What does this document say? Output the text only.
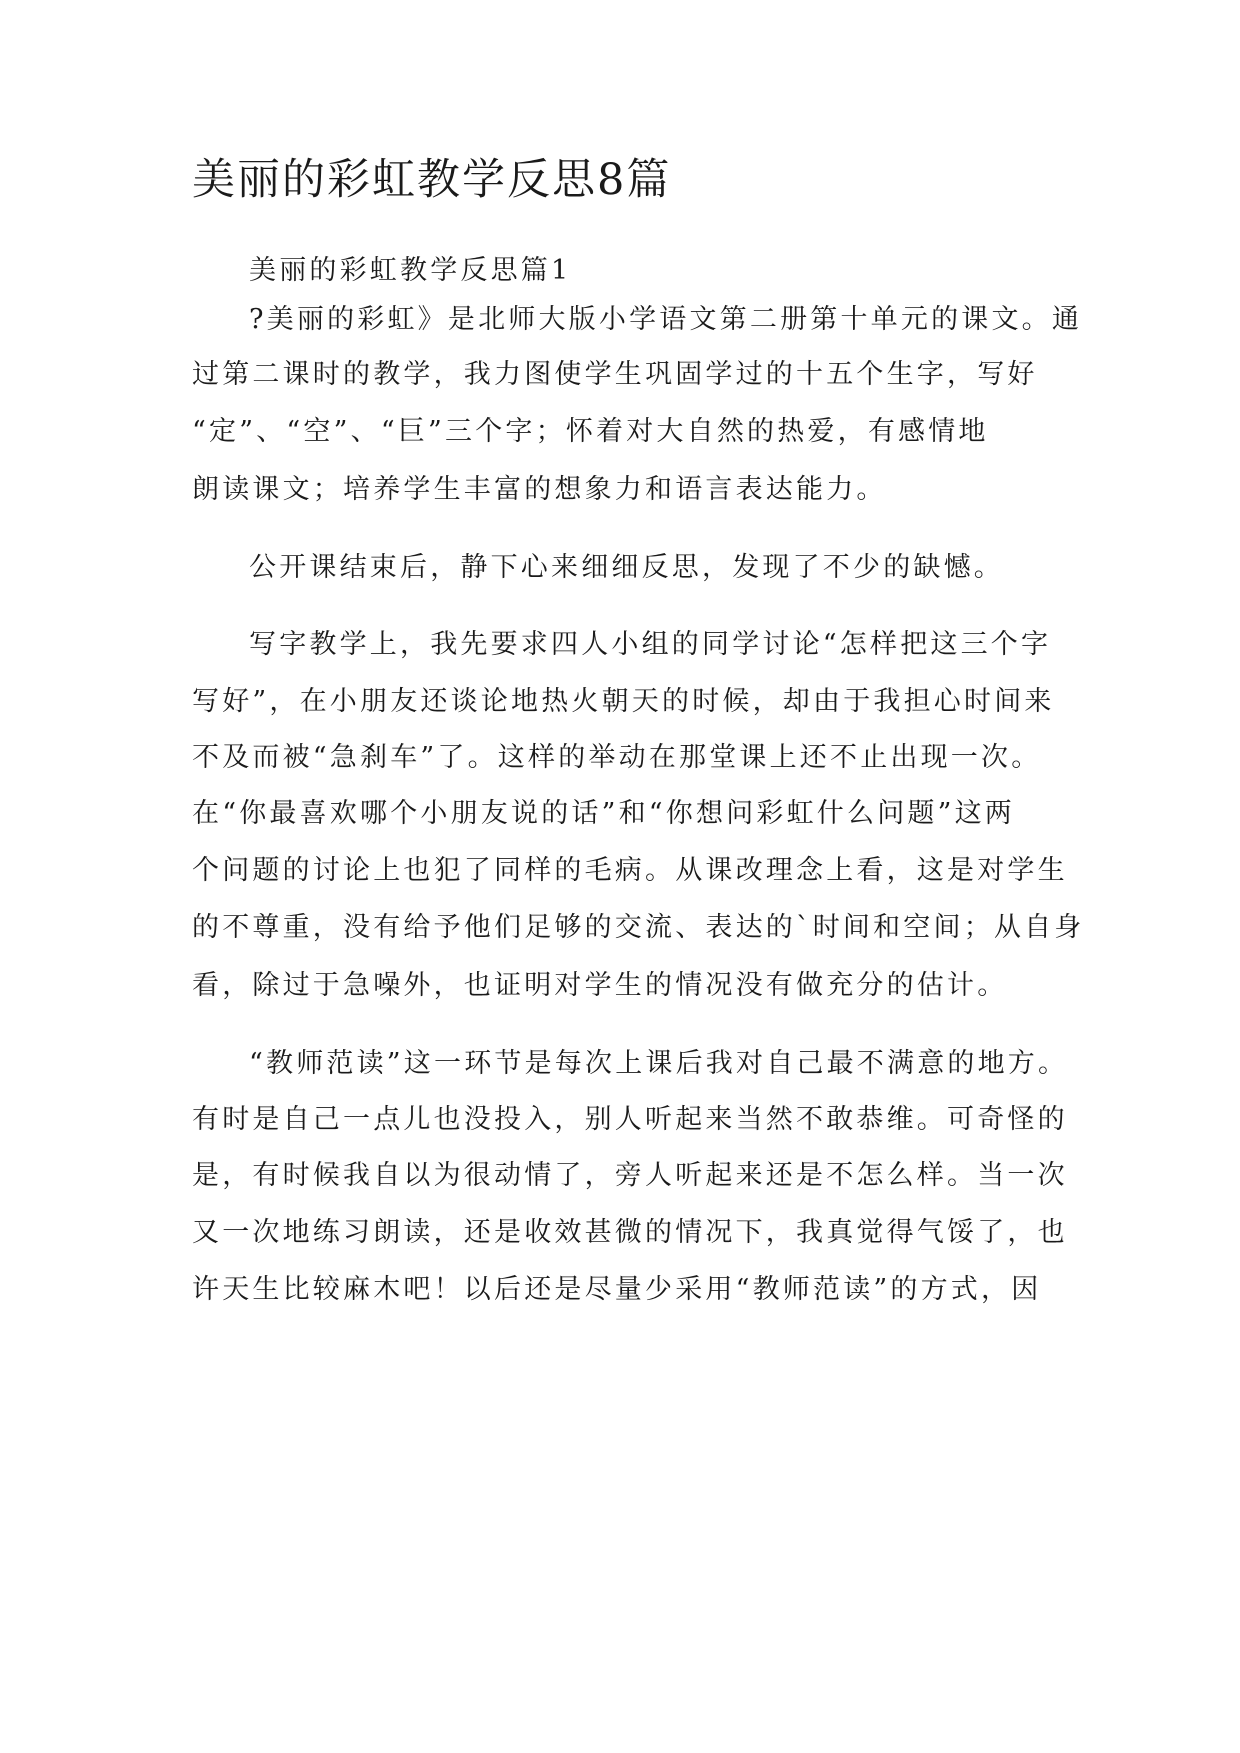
美丽的彩虹教学反思8篇

美丽的彩虹教学反思篇1

?美丽的彩虹》是北师大版小学语文第二册第十单元的课文。通

过第二课时的教学，我力图使学生巩固学过的十五个生字，写好

“定”、“空”、“巨”三个字；怀着对大自然的热爱，有感情地

朗读课文；培养学生丰富的想象力和语言表达能力。

公开课结束后，静下心来细细反思，发现了不少的缺憾。

写字教学上，我先要求四人小组的同学讨论“怎样把这三个字

写好”，在小朋友还谈论地热火朝天的时候，却由于我担心时间来

不及而被“急刹车”了。这样的举动在那堂课上还不止出现一次。

在“你最喜欢哪个小朋友说的话”和“你想问彩虹什么问题”这两

个问题的讨论上也犯了同样的毛病。从课改理念上看，这是对学生

的不尊重，没有给予他们足够的交流、表达的`时间和空间；从自身

看，除过于急噪外，也证明对学生的情况没有做充分的估计。

“教师范读”这一环节是每次上课后我对自己最不满意的地方。

有时是自己一点儿也没投入，别人听起来当然不敢恭维。可奇怪的

是，有时候我自以为很动情了，旁人听起来还是不怎么样。当一次

又一次地练习朗读，还是收效甚微的情况下，我真觉得气馁了，也

许天生比较麻木吧！以后还是尽量少采用“教师范读”的方式，因
